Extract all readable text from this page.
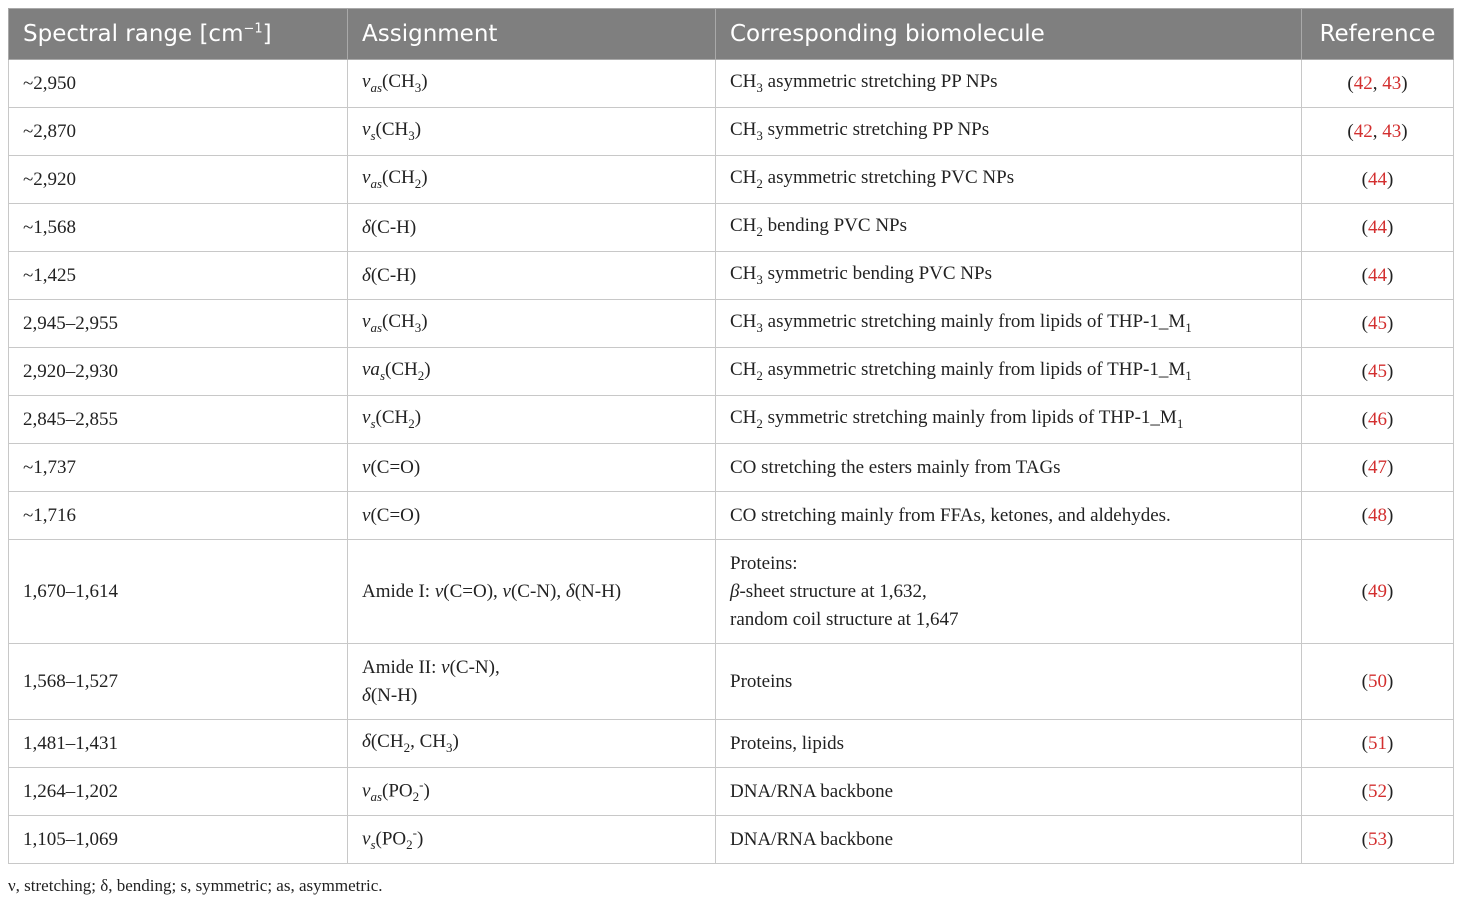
Spectral range $[cm^{-1}]$	Assignment	Corresponding biomolecule	Reference
~2,950	$v_{as}(CH_3)$	$CH_3$ asymmetric stretching PP NPs	(42, 43)
~2,870	$v_s(CH_3)$	$CH_3$ symmetric stretching PP NPs	(42, 43)
~2,920	$v_{as}(CH_2)$	$CH_2$ asymmetric stretching PVC NPs	(44)
~1,568	δ(C-H)	$CH_2$ bending PVC NPs	(44)
~1,425	δ(C-H)	$CH_3$ symmetric bending PVC NPs	(44)
2,945–2,955	$v_{as}(CH_3)$	$CH_3$ asymmetric stretching mainly from lipids of THP-$1\_M_1$	(45)
2,920–2,930	$va_s(CH_2)$	$CH_2$ asymmetric stretching mainly from lipids of THP-$1\_M_1$	(45)
2,845–2,855	$v_s(CH_2)$	$CH_2$ symmetric stretching mainly from lipids of THP-$1\_M_1$	(46)
~1,737	v(C=O)	CO stretching the esters mainly from TAGs	(47)
~1,716	v(C=O)	CO stretching mainly from FFAs, ketones, and aldehydes.	(48)
1,670–1,614	Amide I: v(C=O), v(C-N), δ(N-H)	Proteins:
β-sheet structure at 1,632,
random coil structure at 1,647	(49)
1,568–1,527	Amide II: v(C-N),
δ(N-H)	Proteins	(50)
1,481–1,431	$\delta(CH_2$, $CH_3$)	Proteins, lipids	(51)
1,264–1,202	$v_{as}(PO_2^-)$	DNA/RNA backbone	(52)
1,105–1,069	$v_s(PO_2^-)$	DNA/RNA backbone	(53)
ν, stretching; δ, bending; s, symmetric; as, asymmetric.
